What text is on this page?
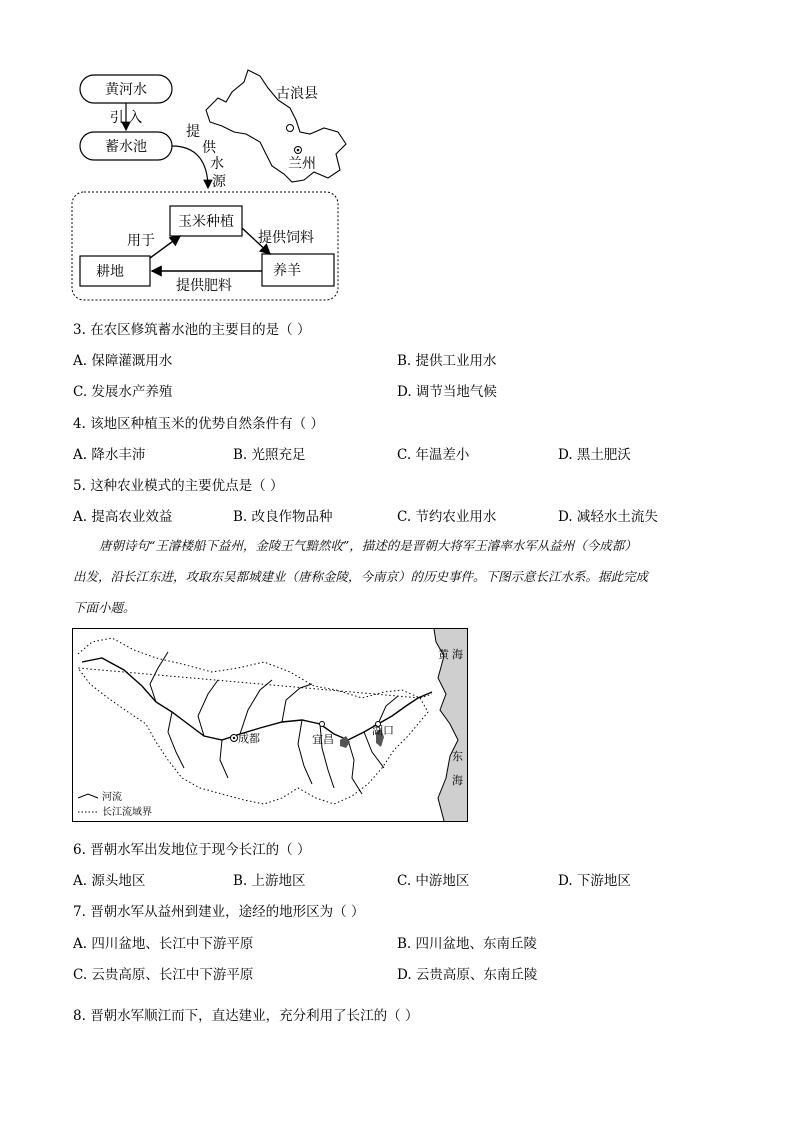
黄河水
引 入
蓄水池
提
供
水
源
玉米种植
耕地	养羊
用于	提供饲料
提供肥料
古浪县
兰州
3. 在农区修筑蓄水池的主要目的是（ ）
A. 保障灌溉用水	B. 提供工业用水
C. 发展水产养殖	D. 调节当地气候
4. 该地区种植玉米的优势自然条件有（ ）
A. 降水丰沛	B. 光照充足	C. 年温差小	D. 黑土肥沃
5. 这种农业模式的主要优点是（ ）
A. 提高农业效益	B. 改良作物品种	C. 节约农业用水	D. 减轻水土流失
唐朝诗句“王濬楼船下益州，金陵王气黯然收”，描述的是晋朝大将军王濬率水军从益州（今成都）
出发，沿长江东进，攻取东吴都城建业（唐称金陵，今南京）的历史事件。下图示意长江水系。据此完成
下面小题。
成都	宜昌
湖口
黄 海
东
海
河流
长江流域界
6. 晋朝水军出发地位于现今长江的（ ）
A. 源头地区	B. 上游地区	C. 中游地区	D. 下游地区
7. 晋朝水军从益州到建业，途经的地形区为（ ）
A. 四川盆地、长江中下游平原	B. 四川盆地、东南丘陵
C. 云贵高原、长江中下游平原	D. 云贵高原、东南丘陵
8. 晋朝水军顺江而下，直达建业，充分利用了长江的（ ）
